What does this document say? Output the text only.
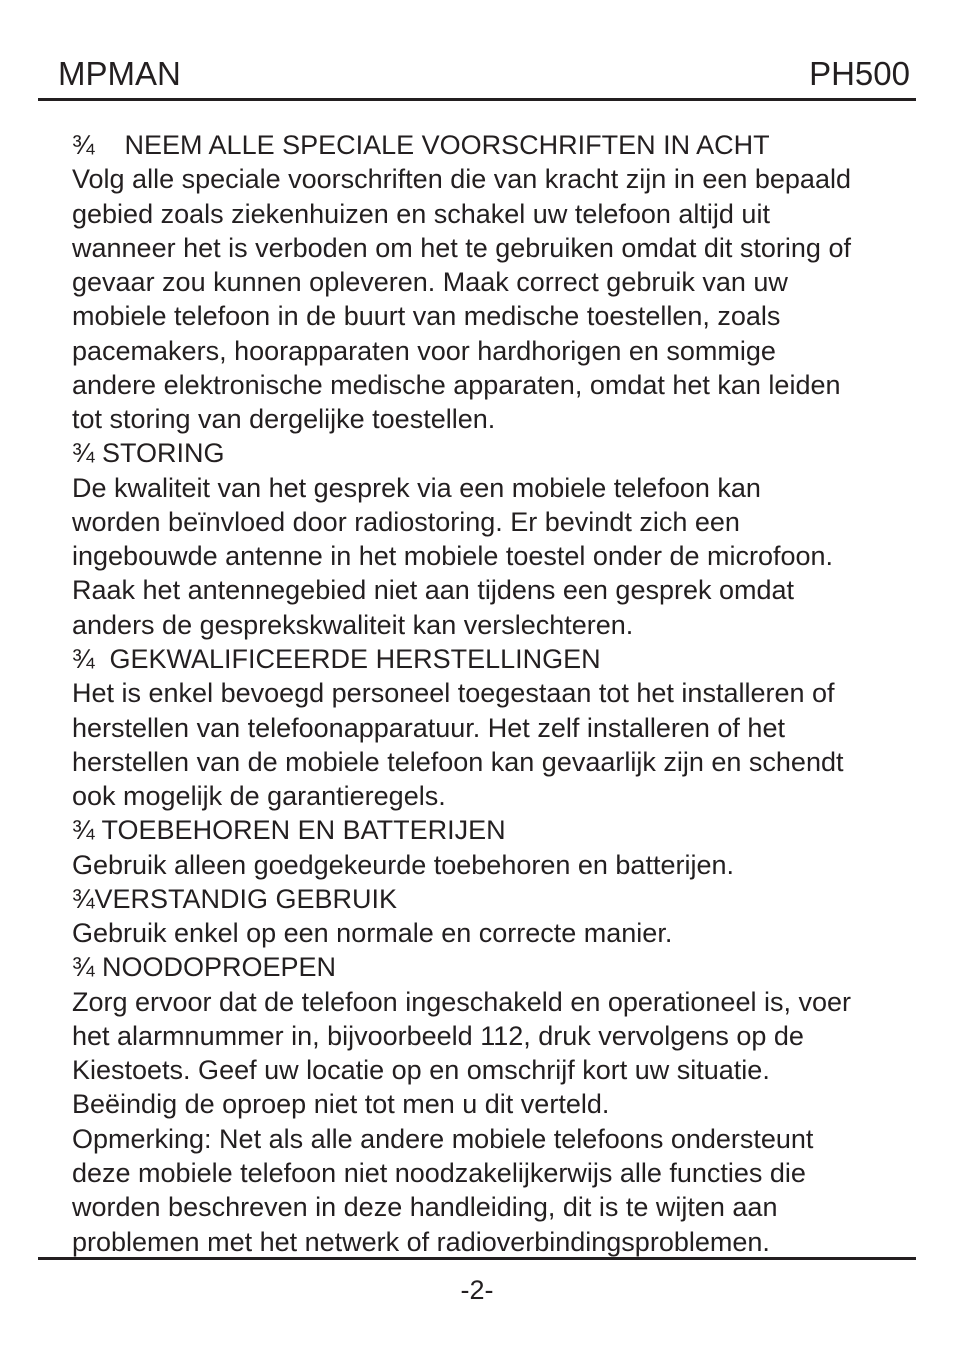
MPMAN	PH500
¾    NEEM ALLE SPECIALE VOORSCHRIFTEN IN ACHT
Volg alle speciale voorschriften die van kracht zijn in een bepaald
gebied zoals ziekenhuizen en schakel uw telefoon altijd uit
wanneer het is verboden om het te gebruiken omdat dit storing of
gevaar zou kunnen opleveren. Maak correct gebruik van uw
mobiele telefoon in de buurt van medische toestellen, zoals
pacemakers, hoorapparaten voor hardhorigen en sommige
andere elektronische medische apparaten, omdat het kan leiden
tot storing van dergelijke toestellen.
¾ STORING
De kwaliteit van het gesprek via een mobiele telefoon kan
worden beïnvloed door radiostoring. Er bevindt zich een
ingebouwde antenne in het mobiele toestel onder de microfoon.
Raak het antennegebied niet aan tijdens een gesprek omdat
anders de gesprekskwaliteit kan verslechteren.
¾  GEKWALIFICEERDE HERSTELLINGEN
Het is enkel bevoegd personeel toegestaan tot het installeren of
herstellen van telefoonapparatuur. Het zelf installeren of het
herstellen van de mobiele telefoon kan gevaarlijk zijn en schendt
ook mogelijk de garantieregels.
¾ TOEBEHOREN EN BATTERIJEN
Gebruik alleen goedgekeurde toebehoren en batterijen.
¾VERSTANDIG GEBRUIK
Gebruik enkel op een normale en correcte manier.
¾ NOODOPROEPEN
Zorg ervoor dat de telefoon ingeschakeld en operationeel is, voer
het alarmnummer in, bijvoorbeeld 112, druk vervolgens op de
Kiestoets. Geef uw locatie op en omschrijf kort uw situatie.
Beëindig de oproep niet tot men u dit verteld.
Opmerking: Net als alle andere mobiele telefoons ondersteunt
deze mobiele telefoon niet noodzakelijkerwijs alle functies die
worden beschreven in deze handleiding, dit is te wijten aan
problemen met het netwerk of radioverbindingsproblemen.
-2-
